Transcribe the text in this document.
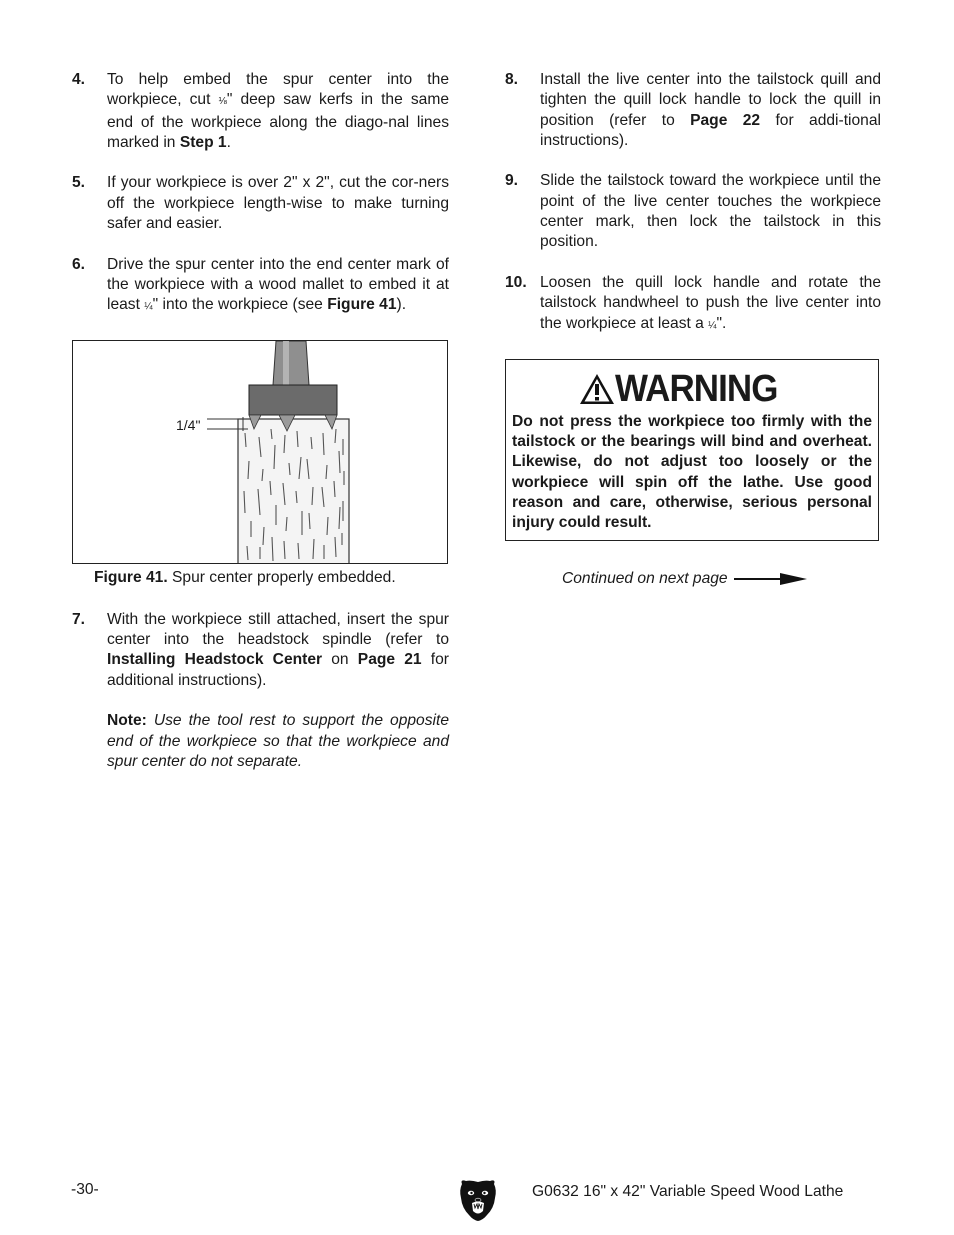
4. To help embed the spur center into the workpiece, cut ⅛" deep saw kerfs in the same end of the workpiece along the diago-nal lines marked in Step 1.
5. If your workpiece is over 2" x 2", cut the cor-ners off the workpiece length-wise to make turning safer and easier.
6. Drive the spur center into the end center mark of the workpiece with a wood mallet to embed it at least ¼" into the workpiece (see Figure 41).
1/4"
Figure 41. Spur center properly embedded.
7. With the workpiece still attached, insert the spur center into the headstock spindle (refer to Installing Headstock Center on Page 21 for additional instructions).

Note: Use the tool rest to support the opposite end of the workpiece so that the workpiece and spur center do not separate.

8. Install the live center into the tailstock quill and tighten the quill lock handle to lock the quill in position (refer to Page 22 for addi-tional instructions).
9. Slide the tailstock toward the workpiece until the point of the live center touches the workpiece center mark, then lock the tailstock in this position.
10. Loosen the quill lock handle and rotate the tailstock handwheel to push the live center into the workpiece at least a ¼".
WARNING

Do not press the workpiece too firmly with the tailstock or the bearings will bind and overheat. Likewise, do not adjust too loosely or the workpiece will spin off the lathe. Use good reason and care, otherwise, serious personal injury could result.

Continued on next page
-30-	G0632 16" x 42" Variable Speed Wood Lathe
